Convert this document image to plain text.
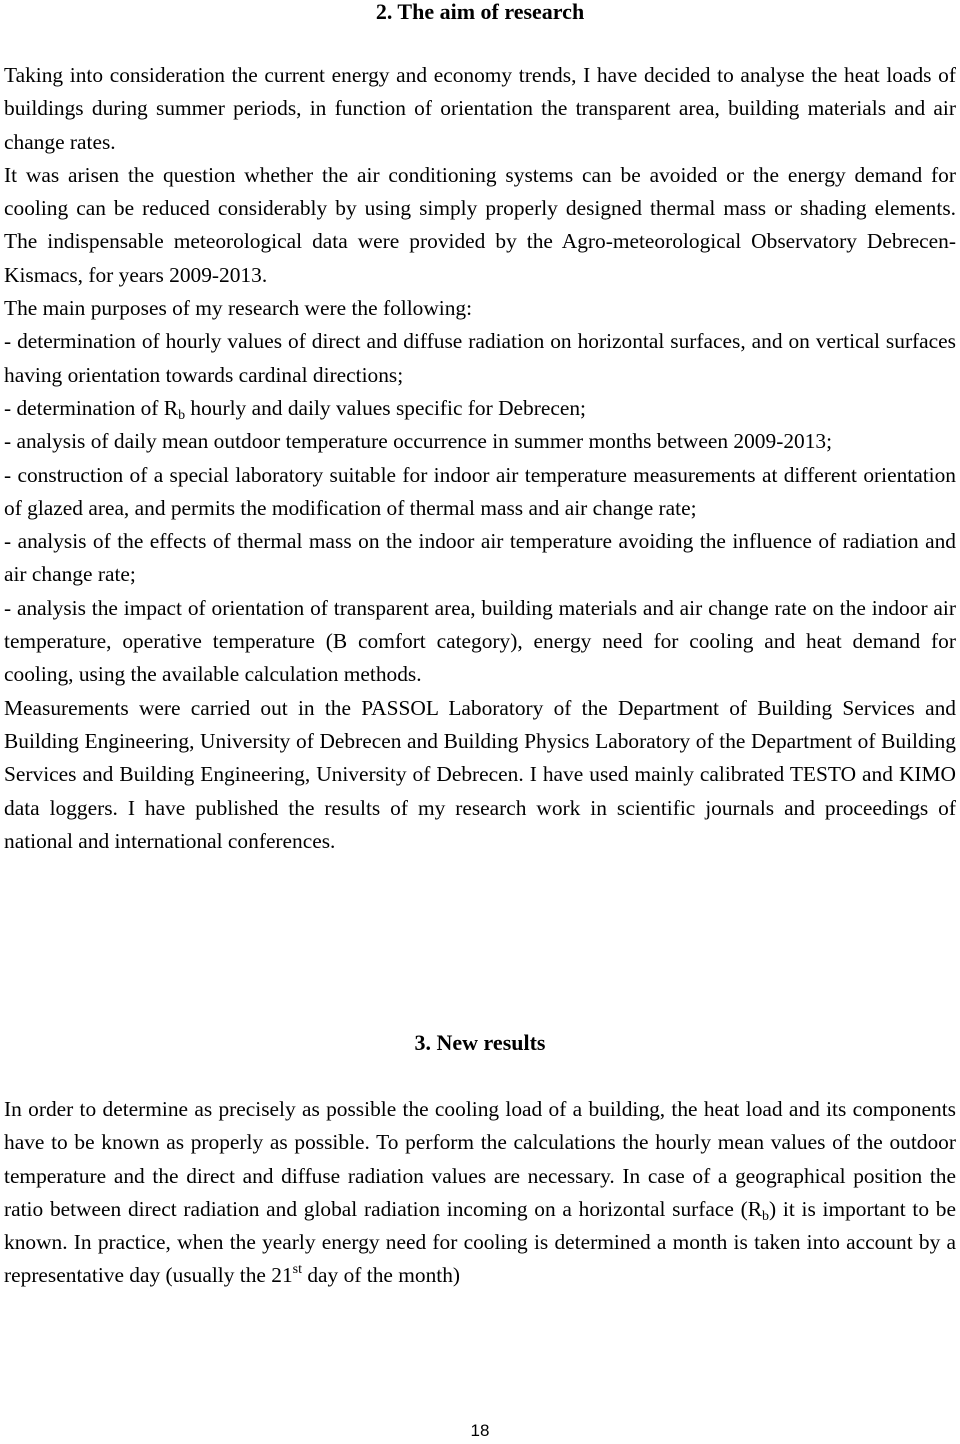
2. The aim of research

Taking into consideration the current energy and economy trends, I have decided to analyse the heat loads of buildings during summer periods, in function of orientation the transparent area, building materials and air change rates.

It was arisen the question whether the air conditioning systems can be avoided or the energy demand for cooling can be reduced considerably by using simply properly designed thermal mass or shading elements. The indispensable meteorological data were provided by the Agro-meteorological Observatory Debrecen-Kismacs, for years 2009-2013.

The main purposes of my research were the following:

- determination of hourly values of direct and diffuse radiation on horizontal surfaces, and on vertical surfaces having orientation towards cardinal directions;

- determination of $R_b$ hourly and daily values specific for Debrecen;

- analysis of daily mean outdoor temperature occurrence in summer months between 2009-2013;

- construction of a special laboratory suitable for indoor air temperature measurements at different orientation of glazed area, and permits the modification of thermal mass and air change rate;

- analysis of the effects of thermal mass on the indoor air temperature avoiding the influence of radiation and air change rate;

- analysis the impact of orientation of transparent area, building materials and air change rate on the indoor air temperature, operative temperature (B comfort category), energy need for cooling and heat demand for cooling, using the available calculation methods.

Measurements were carried out in the PASSOL Laboratory of the Department of Building Services and Building Engineering, University of Debrecen and Building Physics Laboratory of the Department of Building Services and Building Engineering, University of Debrecen. I have used mainly calibrated TESTO and KIMO data loggers. I have published the results of my research work in scientific journals and proceedings of national and international conferences.

3. New results

In order to determine as precisely as possible the cooling load of a building, the heat load and its components have to be known as properly as possible. To perform the calculations the hourly mean values of the outdoor temperature and the direct and diffuse radiation values are necessary. In case of a geographical position the ratio between direct radiation and global radiation incoming on a horizontal surface $(R_b)$ it is important to be known. In practice, when the yearly energy need for cooling is determined a month is taken into account by a representative day (usually the 21st day of the month)

18
